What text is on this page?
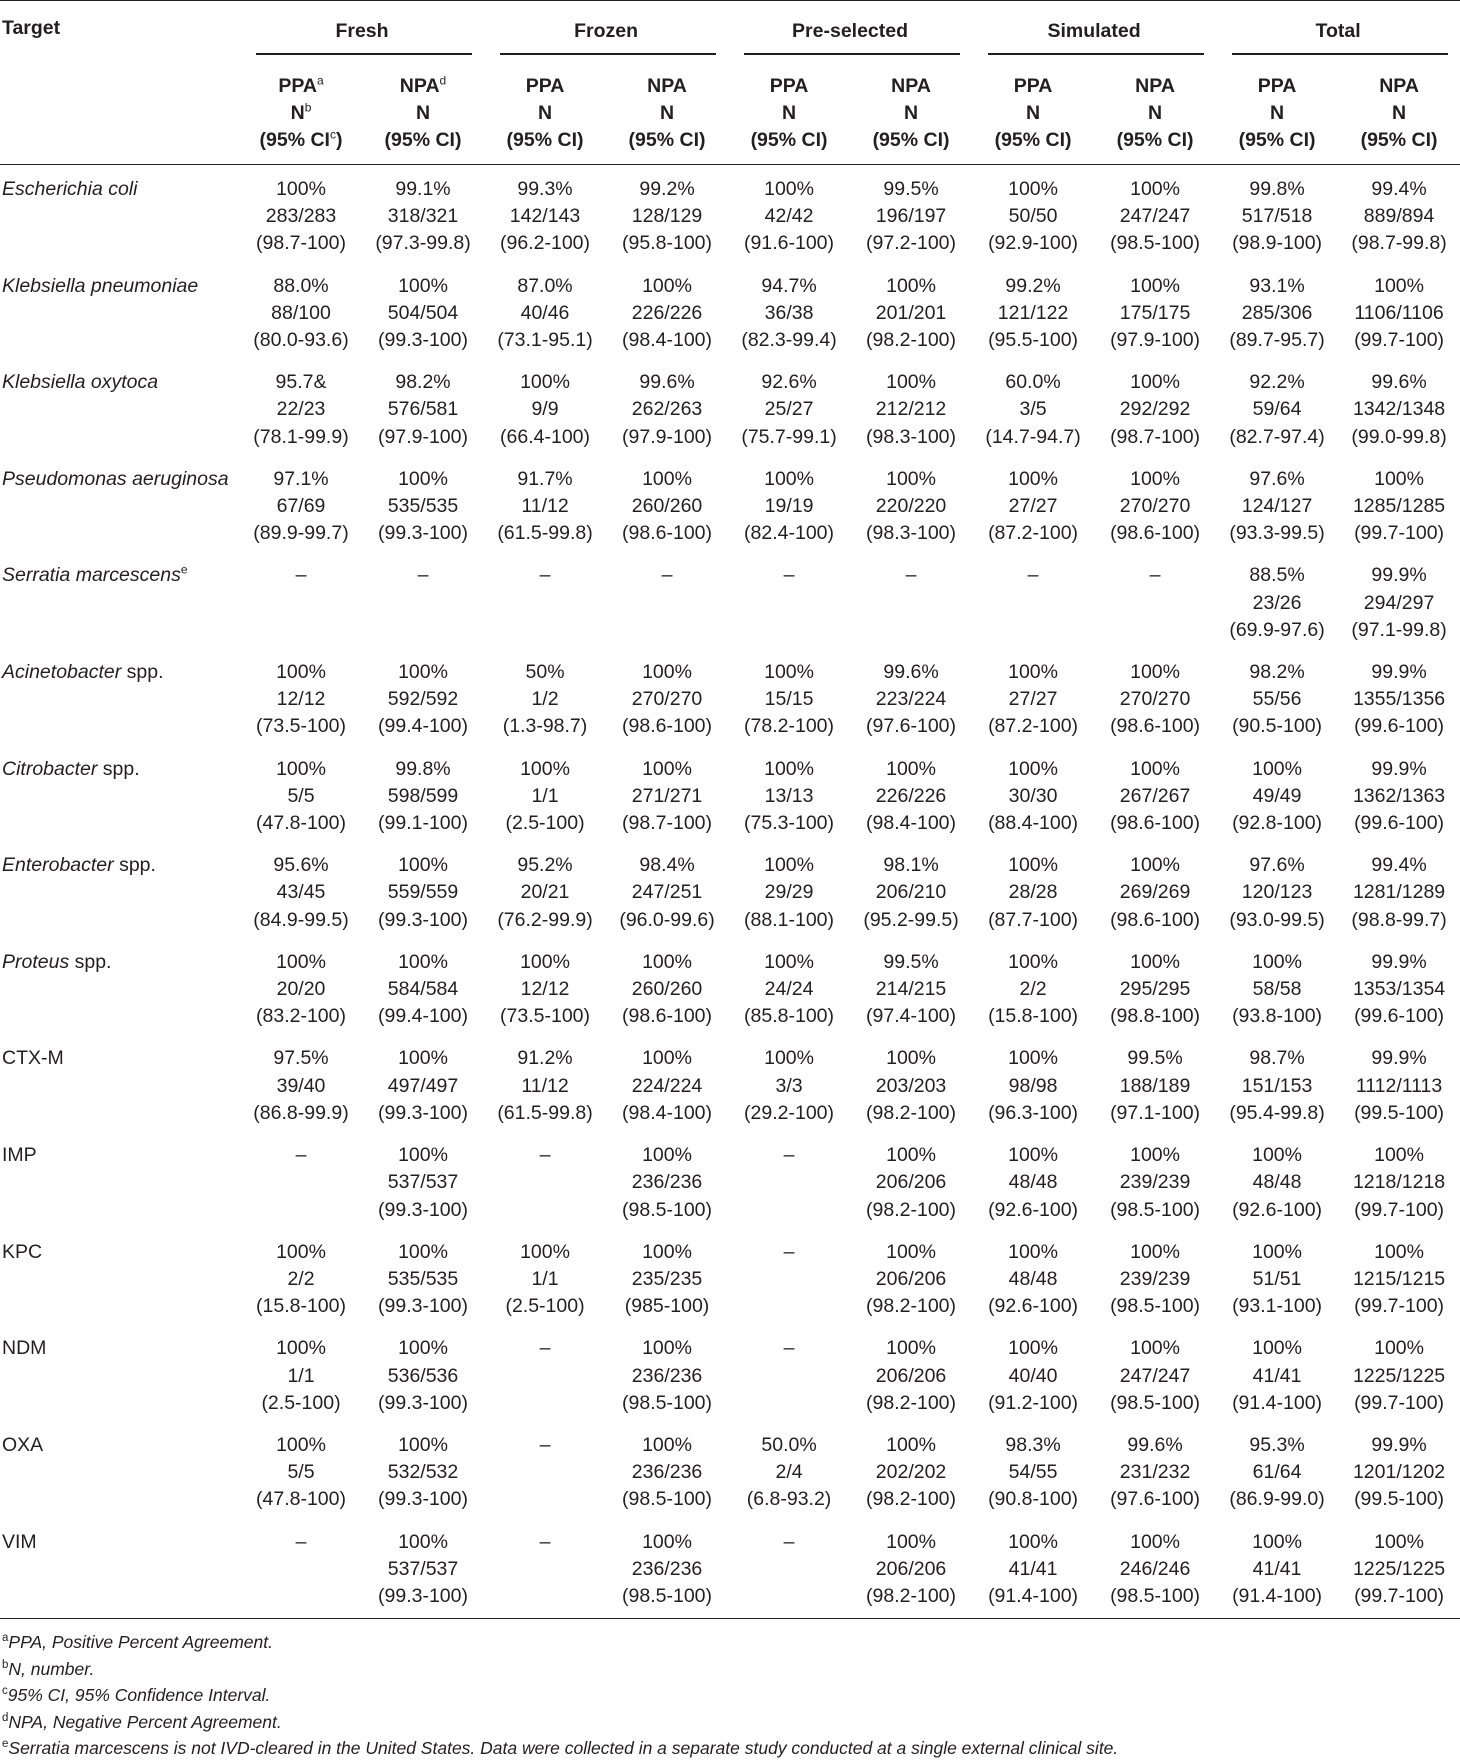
Target	Fresh		Frozen		Pre-selected		Simulated		Total	

	PPA$^a$
$N^b$
(95% $CI^c$)	NPA$^d$
N
(95% CI)	PPA
N
(95% CI)	NPA
N
(95% CI)	PPA
N
(95% CI)	NPA
N
(95% CI)	PPA
N
(95% CI)	NPA
N
(95% CI)	PPA
N
(95% CI)	NPA
N
(95% CI)
Escherichia coli	100%
283/283
(98.7-100)	99.1%
318/321
(97.3-99.8)	99.3%
142/143
(96.2-100)	99.2%
128/129
(95.8-100)	100%
42/42
(91.6-100)	99.5%
196/197
(97.2-100)	100%
50/50
(92.9-100)	100%
247/247
(98.5-100)	99.8%
517/518
(98.9-100)	99.4%
889/894
(98.7-99.8)

Klebsiella pneumoniae	88.0%
88/100
(80.0-93.6)	100%
504/504
(99.3-100)	87.0%
40/46
(73.1-95.1)	100%
226/226
(98.4-100)	94.7%
36/38
(82.3-99.4)	100%
201/201
(98.2-100)	99.2%
121/122
(95.5-100)	100%
175/175
(97.9-100)	93.1%
285/306
(89.7-95.7)	100%
1106/1106
(99.7-100)

Klebsiella oxytoca	95.7&
22/23
(78.1-99.9)	98.2%
576/581
(97.9-100)	100%
9/9
(66.4-100)	99.6%
262/263
(97.9-100)	92.6%
25/27
(75.7-99.1)	100%
212/212
(98.3-100)	60.0%
3/5
(14.7-94.7)	100%
292/292
(98.7-100)	92.2%
59/64
(82.7-97.4)	99.6%
1342/1348
(99.0-99.8)

Pseudomonas aeruginosa	97.1%
67/69
(89.9-99.7)	100%
535/535
(99.3-100)	91.7%
11/12
(61.5-99.8)	100%
260/260
(98.6-100)	100%
19/19
(82.4-100)	100%
220/220
(98.3-100)	100%
27/27
(87.2-100)	100%
270/270
(98.6-100)	97.6%
124/127
(93.3-99.5)	100%
1285/1285
(99.7-100)

Serratia marcescens$^e$	–	–	–	–	–	–	–	–	88.5%
23/26
(69.9-97.6)	99.9%
294/297
(97.1-99.8)

Acinetobacter spp.	100%
12/12
(73.5-100)	100%
592/592
(99.4-100)	50%
1/2
(1.3-98.7)	100%
270/270
(98.6-100)	100%
15/15
(78.2-100)	99.6%
223/224
(97.6-100)	100%
27/27
(87.2-100)	100%
270/270
(98.6-100)	98.2%
55/56
(90.5-100)	99.9%
1355/1356
(99.6-100)

Citrobacter spp.	100%
5/5
(47.8-100)	99.8%
598/599
(99.1-100)	100%
1/1
(2.5-100)	100%
271/271
(98.7-100)	100%
13/13
(75.3-100)	100%
226/226
(98.4-100)	100%
30/30
(88.4-100)	100%
267/267
(98.6-100)	100%
49/49
(92.8-100)	99.9%
1362/1363
(99.6-100)

Enterobacter spp.	95.6%
43/45
(84.9-99.5)	100%
559/559
(99.3-100)	95.2%
20/21
(76.2-99.9)	98.4%
247/251
(96.0-99.6)	100%
29/29
(88.1-100)	98.1%
206/210
(95.2-99.5)	100%
28/28
(87.7-100)	100%
269/269
(98.6-100)	97.6%
120/123
(93.0-99.5)	99.4%
1281/1289
(98.8-99.7)

Proteus spp.	100%
20/20
(83.2-100)	100%
584/584
(99.4-100)	100%
12/12
(73.5-100)	100%
260/260
(98.6-100)	100%
24/24
(85.8-100)	99.5%
214/215
(97.4-100)	100%
2/2
(15.8-100)	100%
295/295
(98.8-100)	100%
58/58
(93.8-100)	99.9%
1353/1354
(99.6-100)

CTX-M	97.5%
39/40
(86.8-99.9)	100%
497/497
(99.3-100)	91.2%
11/12
(61.5-99.8)	100%
224/224
(98.4-100)	100%
3/3
(29.2-100)	100%
203/203
(98.2-100)	100%
98/98
(96.3-100)	99.5%
188/189
(97.1-100)	98.7%
151/153
(95.4-99.8)	99.9%
1112/1113
(99.5-100)

IMP	–	100%
537/537
(99.3-100)	–	100%
236/236
(98.5-100)	–	100%
206/206
(98.2-100)	100%
48/48
(92.6-100)	100%
239/239
(98.5-100)	100%
48/48
(92.6-100)	100%
1218/1218
(99.7-100)

KPC	100%
2/2
(15.8-100)	100%
535/535
(99.3-100)	100%
1/1
(2.5-100)	100%
235/235
(985-100)	–	100%
206/206
(98.2-100)	100%
48/48
(92.6-100)	100%
239/239
(98.5-100)	100%
51/51
(93.1-100)	100%
1215/1215
(99.7-100)

NDM	100%
1/1
(2.5-100)	100%
536/536
(99.3-100)	–	100%
236/236
(98.5-100)	–	100%
206/206
(98.2-100)	100%
40/40
(91.2-100)	100%
247/247
(98.5-100)	100%
41/41
(91.4-100)	100%
1225/1225
(99.7-100)

OXA	100%
5/5
(47.8-100)	100%
532/532
(99.3-100)	–	100%
236/236
(98.5-100)	50.0%
2/4
(6.8-93.2)	100%
202/202
(98.2-100)	98.3%
54/55
(90.8-100)	99.6%
231/232
(97.6-100)	95.3%
61/64
(86.9-99.0)	99.9%
1201/1202
(99.5-100)

VIM	–	100%
537/537
(99.3-100)	–	100%
236/236
(98.5-100)	–	100%
206/206
(98.2-100)	100%
41/41
(91.4-100)	100%
246/246
(98.5-100)	100%
41/41
(91.4-100)	100%
1225/1225
(99.7-100)
$^a$PPA, Positive Percent Agreement.
$^b$N, number.
$^c$95% CI, 95% Confidence Interval.
$^d$NPA, Negative Percent Agreement.
$^e$Serratia marcescens is not IVD-cleared in the United States. Data were collected in a separate study conducted at a single external clinical site.
